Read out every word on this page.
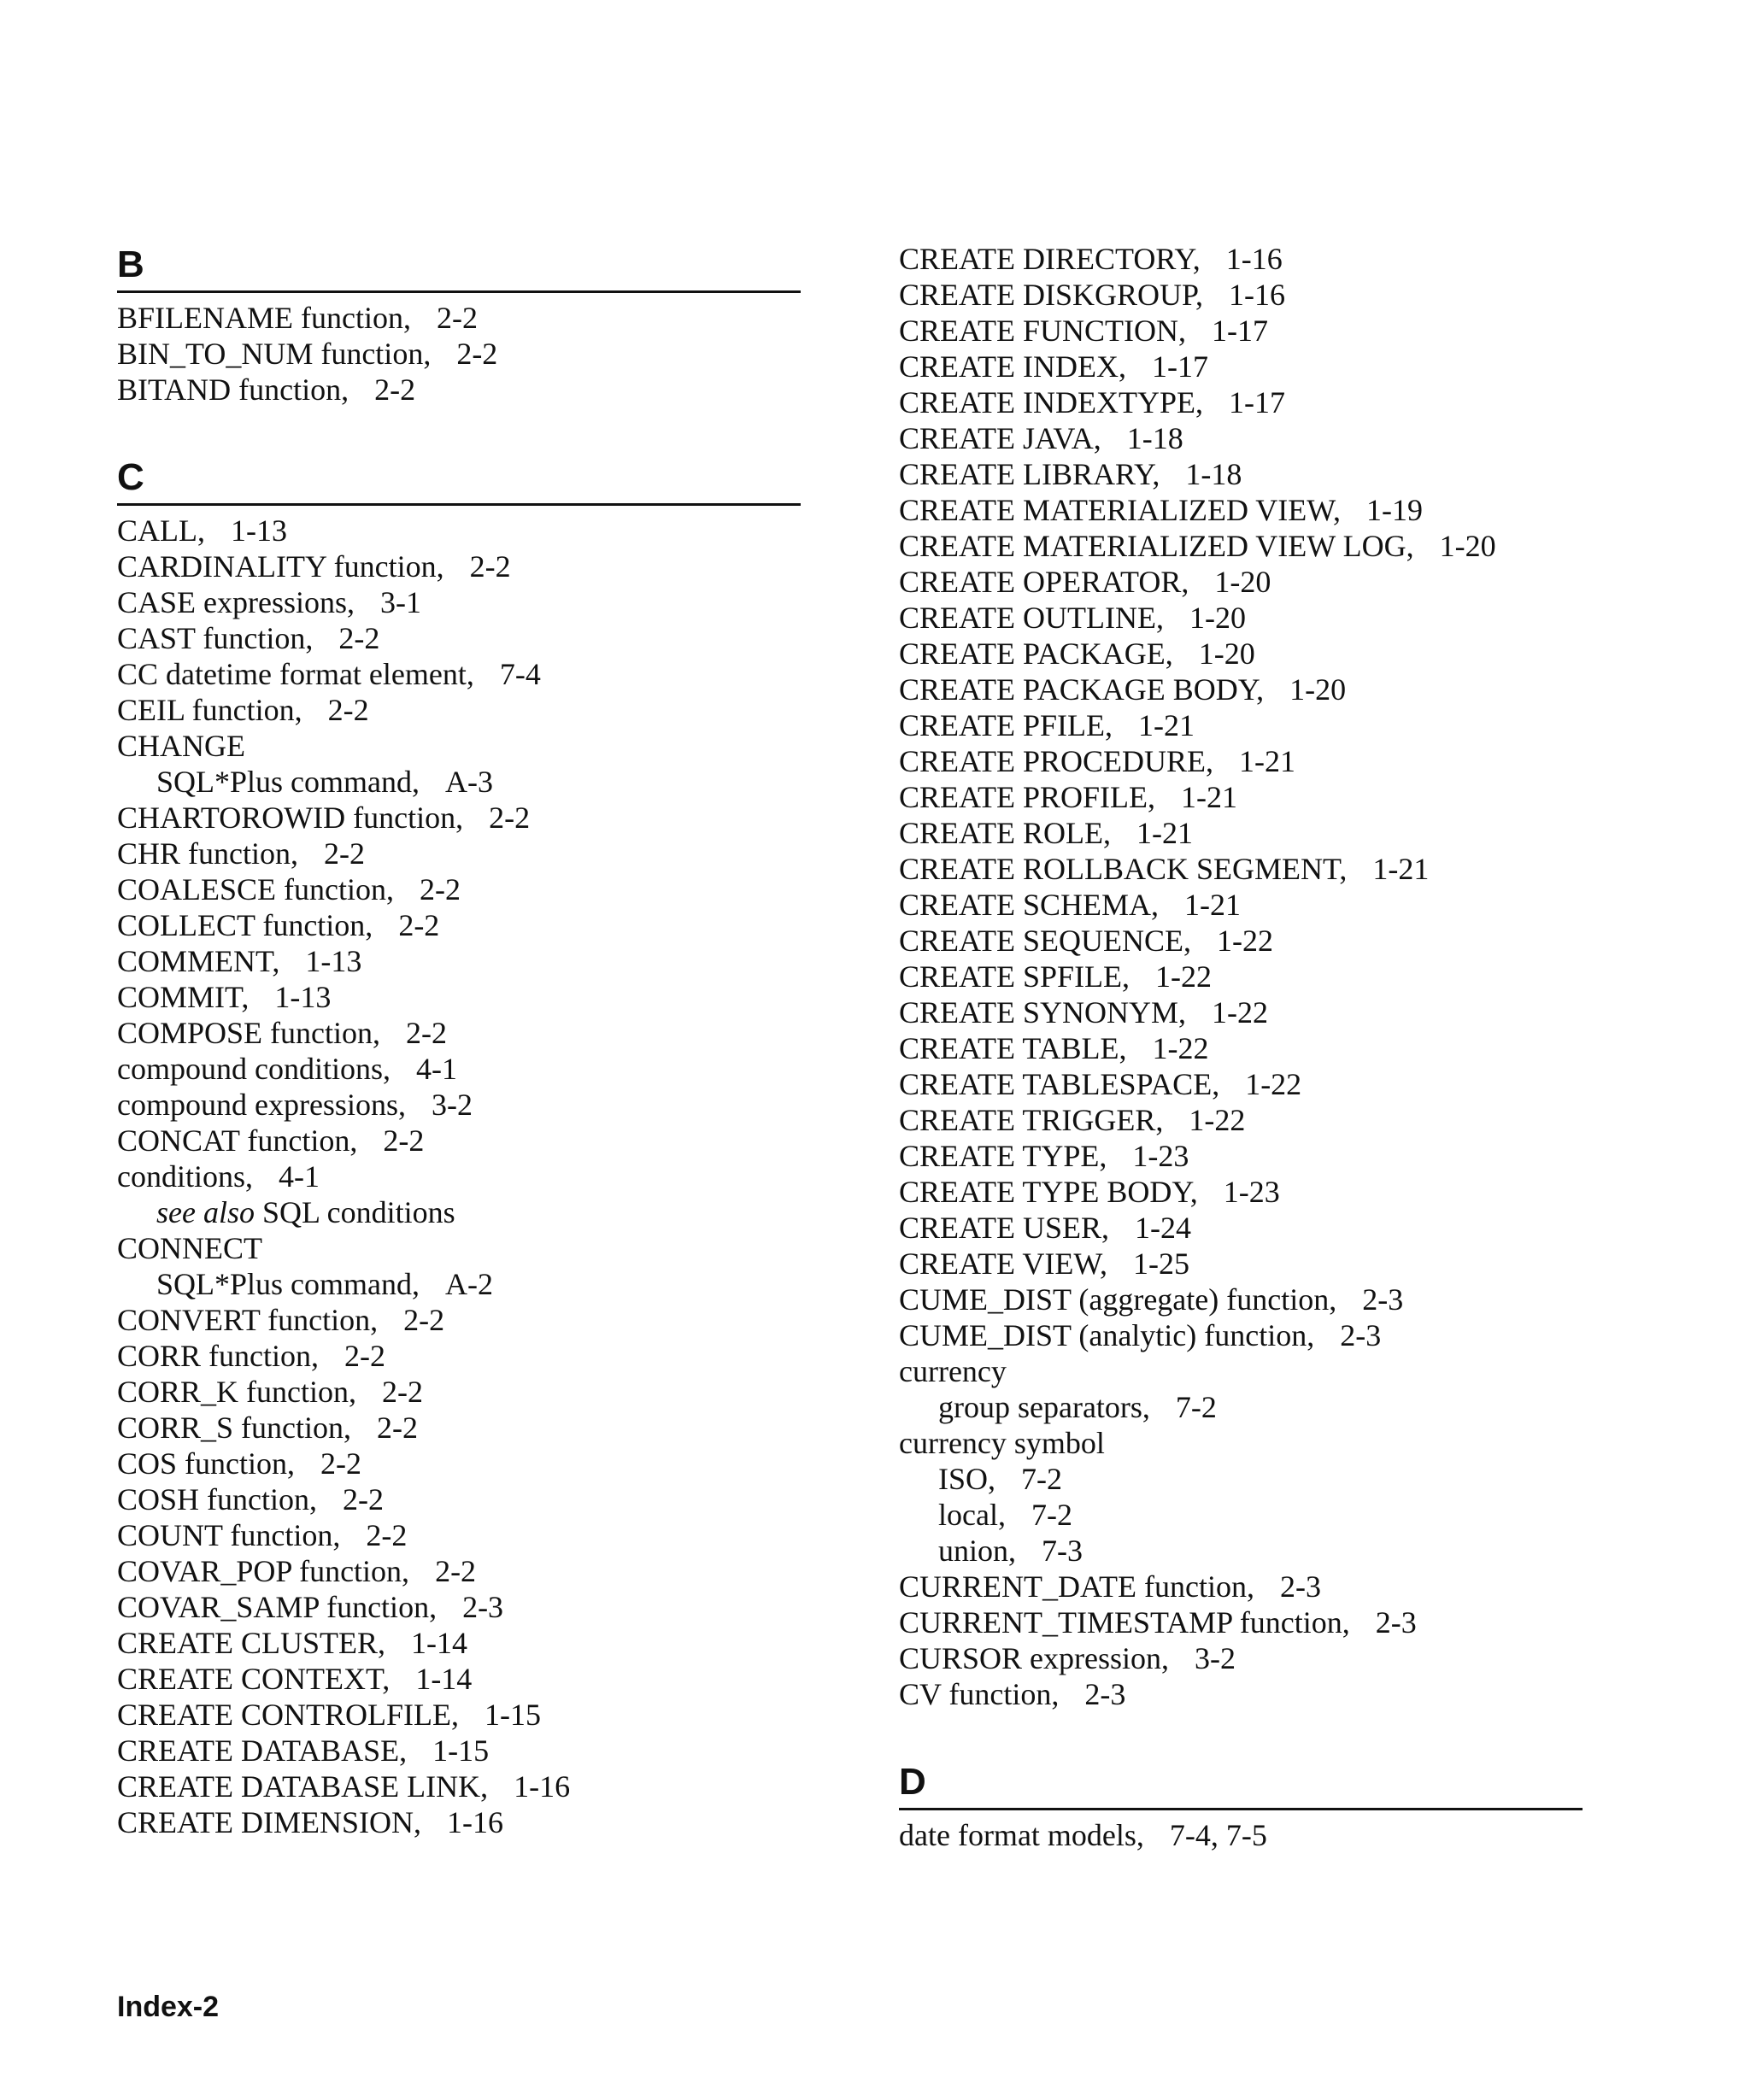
B
BFILENAME function, 2-2
BIN_TO_NUM function, 2-2
BITAND function, 2-2
C
CALL, 1-13
CARDINALITY function, 2-2
CASE expressions, 3-1
CAST function, 2-2
CC datetime format element, 7-4
CEIL function, 2-2
CHANGE
SQL*Plus command, A-3
CHARTOROWID function, 2-2
CHR function, 2-2
COALESCE function, 2-2
COLLECT function, 2-2
COMMENT, 1-13
COMMIT, 1-13
COMPOSE function, 2-2
compound conditions, 4-1
compound expressions, 3-2
CONCAT function, 2-2
conditions, 4-1
see also SQL conditions
CONNECT
SQL*Plus command, A-2
CONVERT function, 2-2
CORR function, 2-2
CORR_K function, 2-2
CORR_S function, 2-2
COS function, 2-2
COSH function, 2-2
COUNT function, 2-2
COVAR_POP function, 2-2
COVAR_SAMP function, 2-3
CREATE CLUSTER, 1-14
CREATE CONTEXT, 1-14
CREATE CONTROLFILE, 1-15
CREATE DATABASE, 1-15
CREATE DATABASE LINK, 1-16
CREATE DIMENSION, 1-16
CREATE DIRECTORY, 1-16
CREATE DISKGROUP, 1-16
CREATE FUNCTION, 1-17
CREATE INDEX, 1-17
CREATE INDEXTYPE, 1-17
CREATE JAVA, 1-18
CREATE LIBRARY, 1-18
CREATE MATERIALIZED VIEW, 1-19
CREATE MATERIALIZED VIEW LOG, 1-20
CREATE OPERATOR, 1-20
CREATE OUTLINE, 1-20
CREATE PACKAGE, 1-20
CREATE PACKAGE BODY, 1-20
CREATE PFILE, 1-21
CREATE PROCEDURE, 1-21
CREATE PROFILE, 1-21
CREATE ROLE, 1-21
CREATE ROLLBACK SEGMENT, 1-21
CREATE SCHEMA, 1-21
CREATE SEQUENCE, 1-22
CREATE SPFILE, 1-22
CREATE SYNONYM, 1-22
CREATE TABLE, 1-22
CREATE TABLESPACE, 1-22
CREATE TRIGGER, 1-22
CREATE TYPE, 1-23
CREATE TYPE BODY, 1-23
CREATE USER, 1-24
CREATE VIEW, 1-25
CUME_DIST (aggregate) function, 2-3
CUME_DIST (analytic) function, 2-3
currency
group separators, 7-2
currency symbol
ISO, 7-2
local, 7-2
union, 7-3
CURRENT_DATE function, 2-3
CURRENT_TIMESTAMP function, 2-3
CURSOR expression, 3-2
CV function, 2-3
D
date format models, 7-4, 7-5
Index-2
